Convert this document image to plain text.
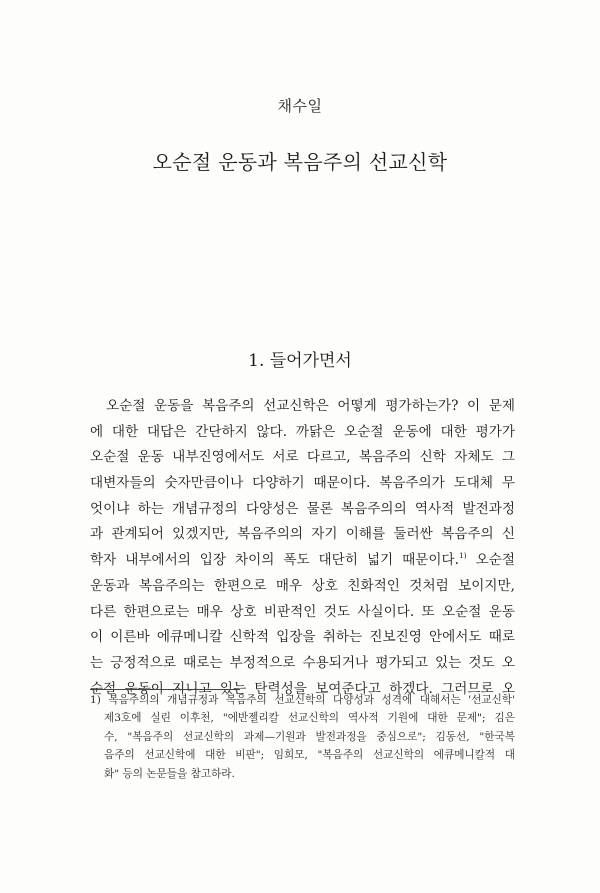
채수일
오순절 운동과 복음주의 선교신학
1. 들어가면서
오순절 운동을 복음주의 선교신학은 어떻게 평가하는가? 이 문제
에 대한 대답은 간단하지 않다. 까닭은 오순절 운동에 대한 평가가
오순절 운동 내부진영에서도 서로 다르고, 복음주의 신학 자체도 그
대변자들의 숫자만큼이나 다양하기 때문이다. 복음주의가 도대체 무
엇이냐 하는 개념규정의 다양성은 물론 복음주의의 역사적 발전과정
과 관계되어 있겠지만, 복음주의의 자기 이해를 둘러싼 복음주의 신
학자 내부에서의 입장 차이의 폭도 대단히 넓기 때문이다.$^{1)}$ 오순절
운동과 복음주의는 한편으로 매우 상호 친화적인 것처럼 보이지만,
다른 한편으로는 매우 상호 비판적인 것도 사실이다. 또 오순절 운동
이 이른바 에큐메니칼 신학적 입장을 취하는 진보진영 안에서도 때로
는 긍정적으로 때로는 부정적으로 수용되거나 평가되고 있는 것도 오
순절 운동이 지니고 있는 탄력성을 보여준다고 하겠다. 그러므로 오
1) 복음주의의 개념규정과 복음주의 선교신학의 다양성과 성격에 대해서는 '선교신학'
제3호에 실린 이후천, "에반젤리칼 선교신학의 역사적 기원에 대한 문제"; 김은
수, "복음주의 선교신학의 과제—기원과 발전과정을 중심으로"; 김동선, "한국복
음주의 선교신학에 대한 비판"; 임희모, "복음주의 선교신학의 에큐메니칼적 대
화" 등의 논문들을 참고하라.
